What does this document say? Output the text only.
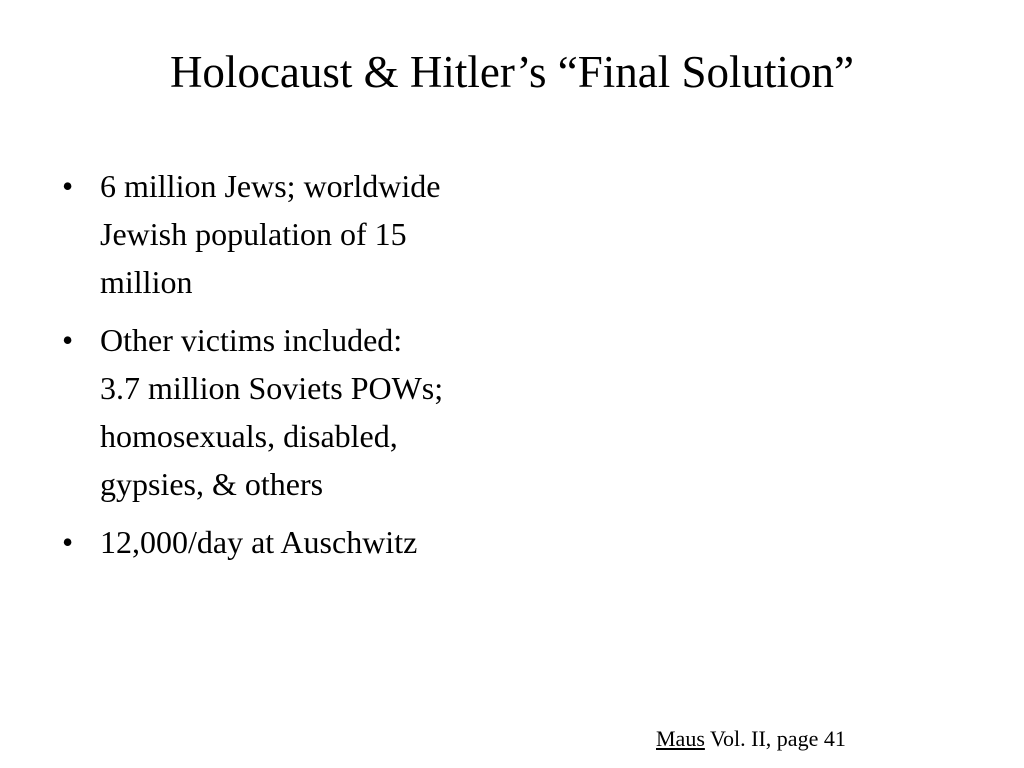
Holocaust & Hitler’s “Final Solution”
• 6 million Jews; worldwide
Jewish population of 15
million
• Other victims included:
3.7 million Soviets POWs;
homosexuals, disabled,
gypsies, & others
• 12,000/day at Auschwitz

Maus Vol. II, page 41
